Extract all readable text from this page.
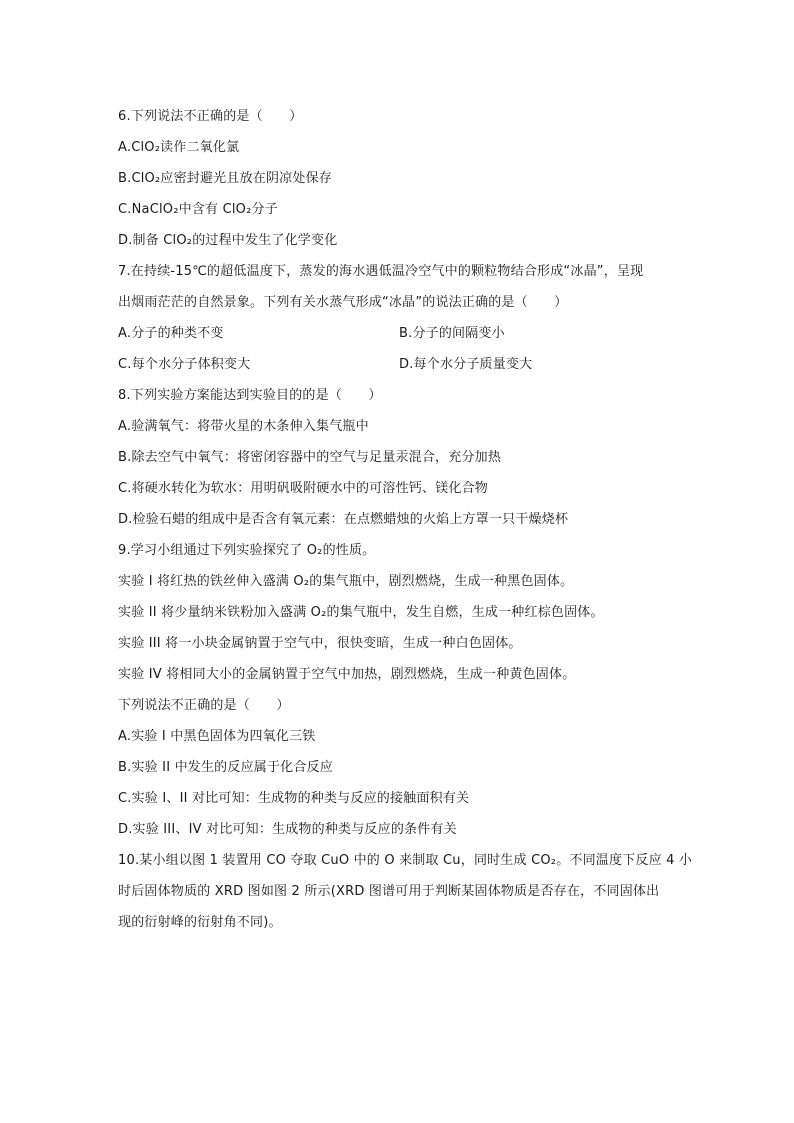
6.下列说法不正确的是（　　）
A.ClO₂读作二氧化氯
B.ClO₂应密封避光且放在阴凉处保存
C.NaClO₂中含有 ClO₂分子
D.制备 ClO₂的过程中发生了化学变化
7.在持续-15℃的超低温度下，蒸发的海水遇低温冷空气中的颗粒物结合形成“冰晶”，呈现
出烟雨茫茫的自然景象。下列有关水蒸气形成“冰晶”的说法正确的是（　　）
A.分子的种类不变	B.分子的间隔变小
C.每个水分子体积变大	D.每个水分子质量变大
8.下列实验方案能达到实验目的的是（　　）
A.验满氧气：将带火星的木条伸入集气瓶中
B.除去空气中氧气：将密闭容器中的空气与足量汞混合，充分加热
C.将硬水转化为软水：用明矾吸附硬水中的可溶性钙、镁化合物
D.检验石蜡的组成中是否含有氧元素：在点燃蜡烛的火焰上方罩一只干燥烧杯
9.学习小组通过下列实验探究了 O₂的性质。
实验 I 将红热的铁丝伸入盛满 O₂的集气瓶中，剧烈燃烧，生成一种黑色固体。
实验 II 将少量纳米铁粉加入盛满 O₂的集气瓶中，发生自燃，生成一种红棕色固体。
实验 III 将一小块金属钠置于空气中，很快变暗，生成一种白色固体。
实验 IV 将相同大小的金属钠置于空气中加热，剧烈燃烧，生成一种黄色固体。
下列说法不正确的是（　　）
A.实验 I 中黑色固体为四氧化三铁
B.实验 II 中发生的反应属于化合反应
C.实验 I、II 对比可知：生成物的种类与反应的接触面积有关
D.实验 III、IV 对比可知：生成物的种类与反应的条件有关
10.某小组以图 1 装置用 CO 夺取 CuO 中的 O 来制取 Cu，同时生成 CO₂。不同温度下反应 4 小
时后固体物质的 XRD 图如图 2 所示(XRD 图谱可用于判断某固体物质是否存在，不同固体出
现的衍射峰的衍射角不同)。
